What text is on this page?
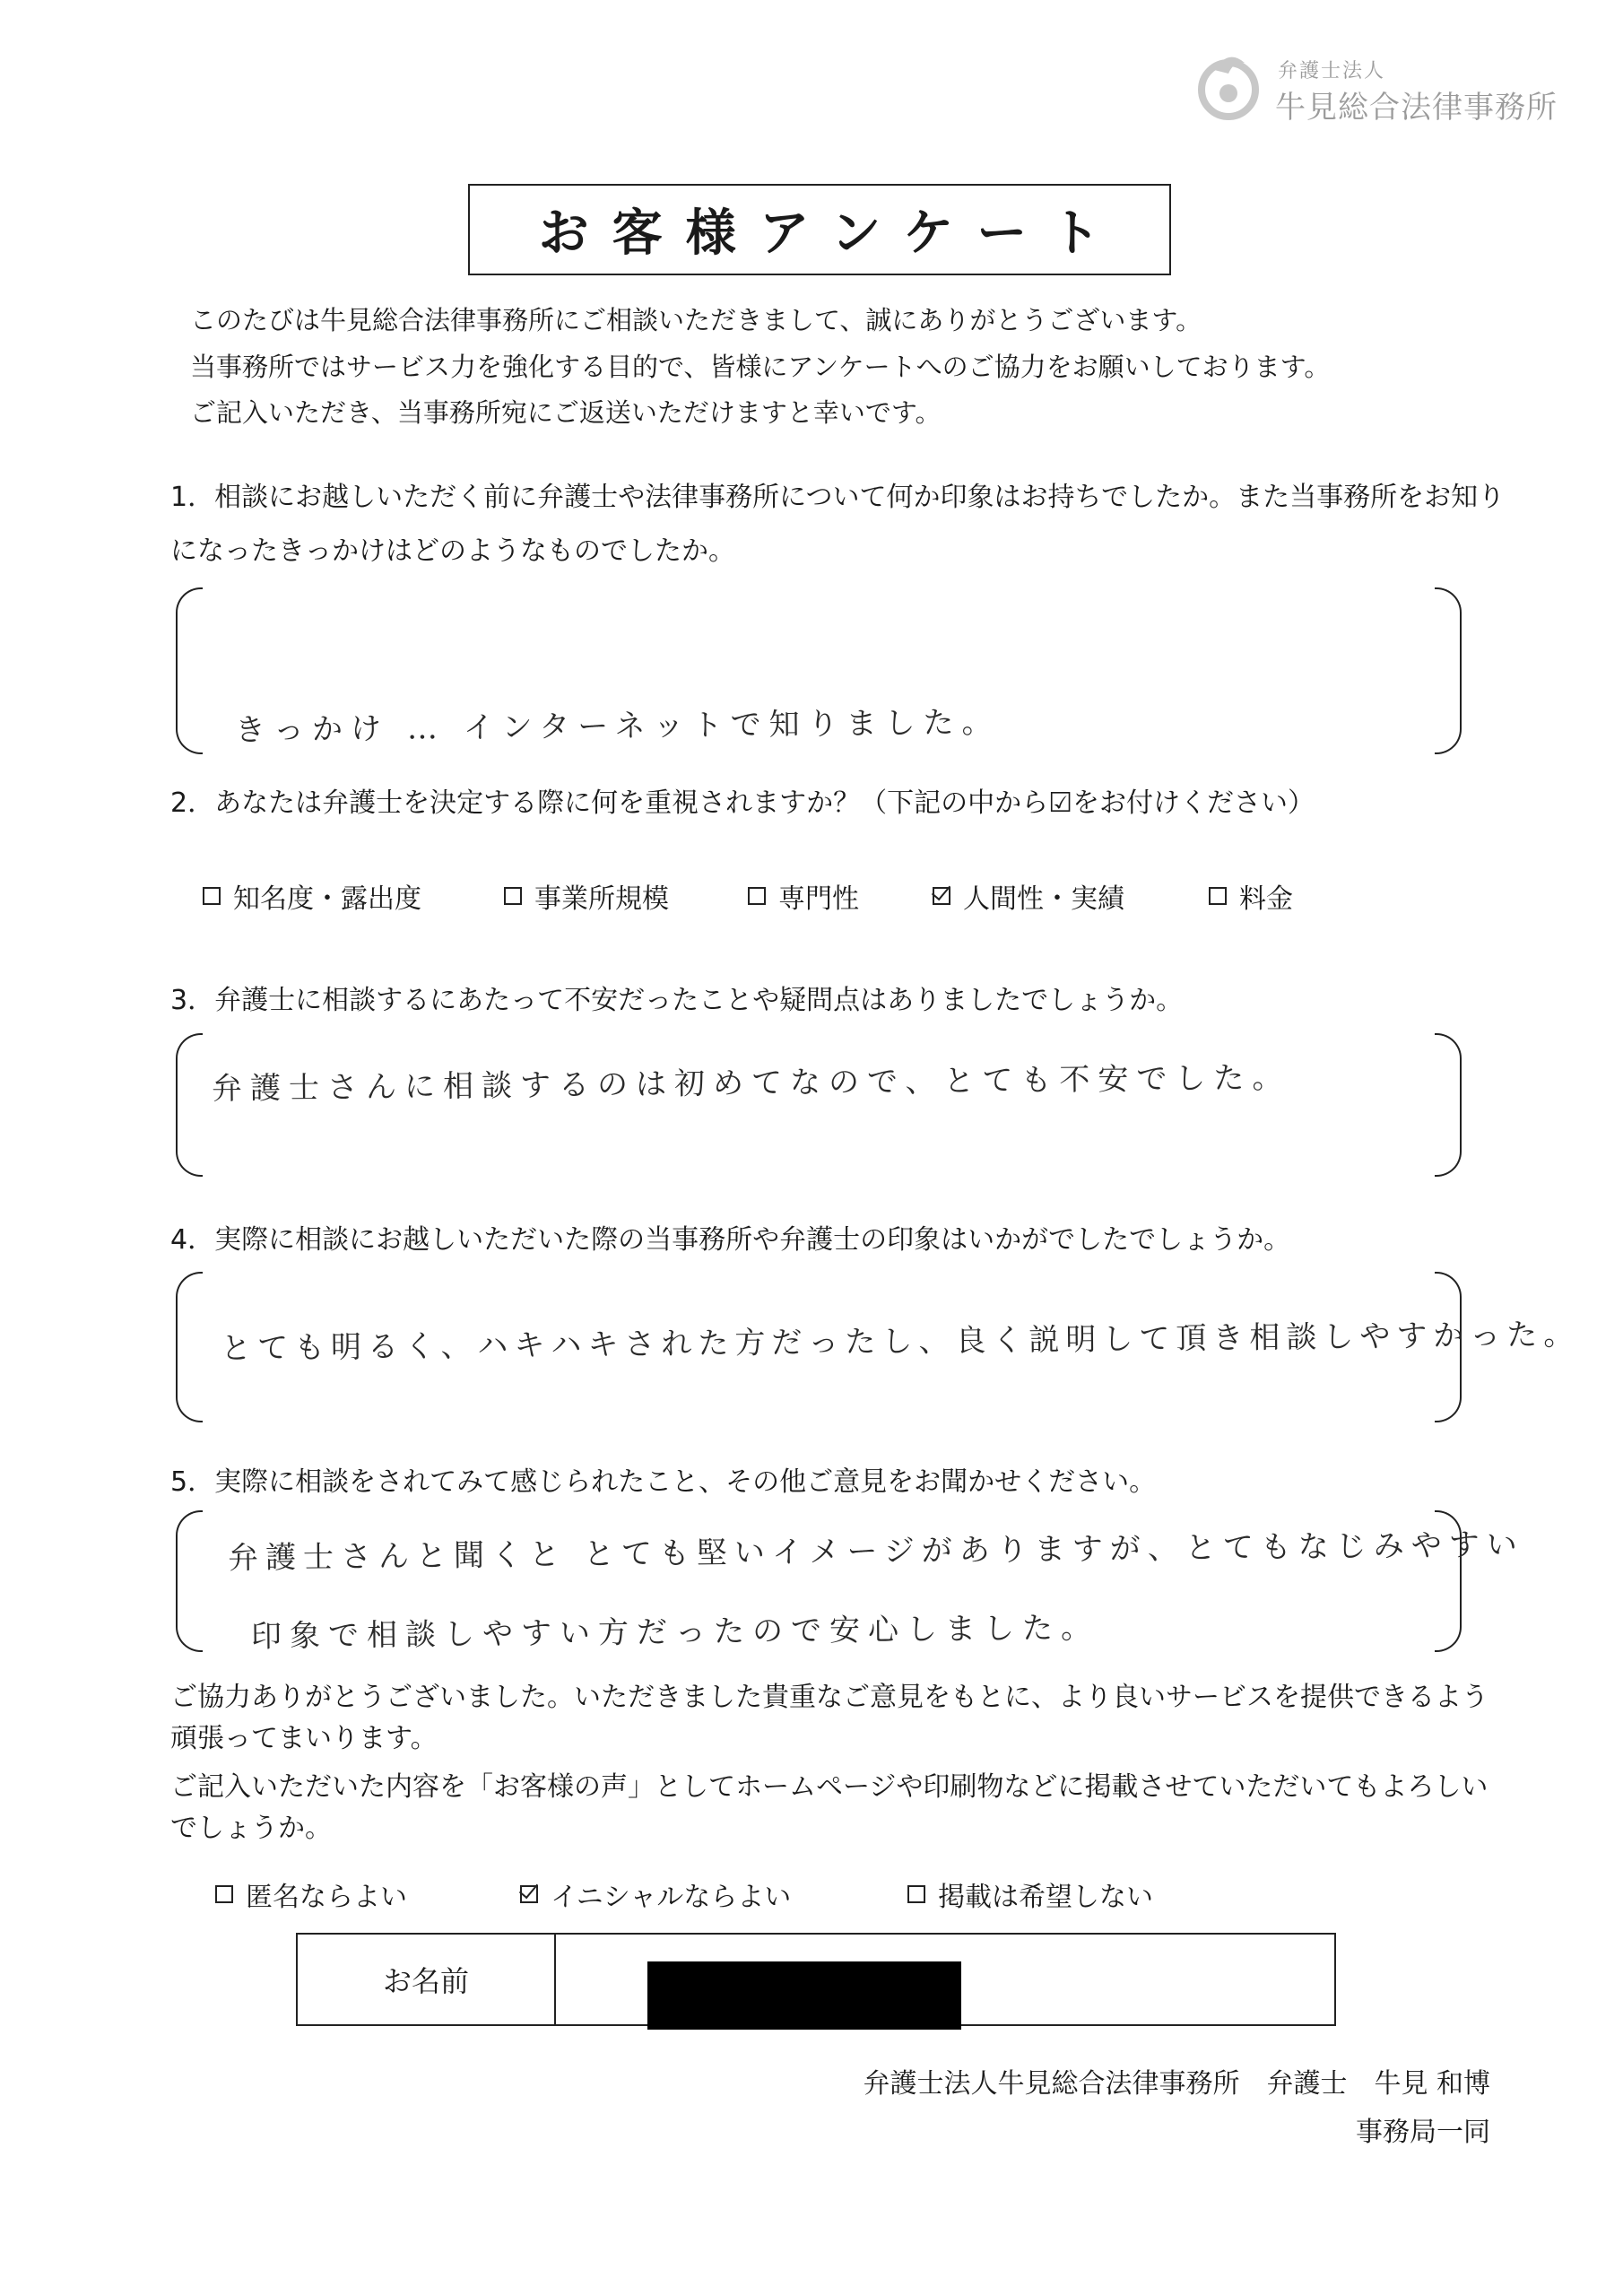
弁護士法人
牛見総合法律事務所
お客様アンケート
このたびは牛見総合法律事務所にご相談いただきまして、誠にありがとうございます。
当事務所ではサービス力を強化する目的で、皆様にアンケートへのご協力をお願いしております。
ご記入いただき、当事務所宛にご返送いただけますと幸いです。
1．相談にお越しいただく前に弁護士や法律事務所について何か印象はお持ちでしたか。また当事務所をお知りになったきっかけはどのようなものでしたか。
きっかけ … インターネットで知りました。
2．あなたは弁護士を決定する際に何を重視されますか？（下記の中から☑をお付けください）
知名度・露出度	事業所規模	専門性	人間性・実績	料金
3．弁護士に相談するにあたって不安だったことや疑問点はありましたでしょうか。
弁護士さんに相談するのは初めてなので、とても不安でした。
4．実際に相談にお越しいただいた際の当事務所や弁護士の印象はいかがでしたでしょうか。
とても明るく、ハキハキされた方だったし、良く説明して頂き相談しやすかった。
5．実際に相談をされてみて感じられたこと、その他ご意見をお聞かせください。
弁護士さんと聞くと とても堅いイメージがありますが、とてもなじみやすい
印象で相談しやすい方だったので安心しました。
ご協力ありがとうございました。いただきました貴重なご意見をもとに、より良いサービスを提供できるよう頑張ってまいります。
ご記入いただいた内容を「お客様の声」としてホームページや印刷物などに掲載させていただいてもよろしいでしょうか。
匿名ならよい	イニシャルならよい	掲載は希望しない
お名前
弁護士法人牛見総合法律事務所　弁護士　牛見 和博
事務局一同
